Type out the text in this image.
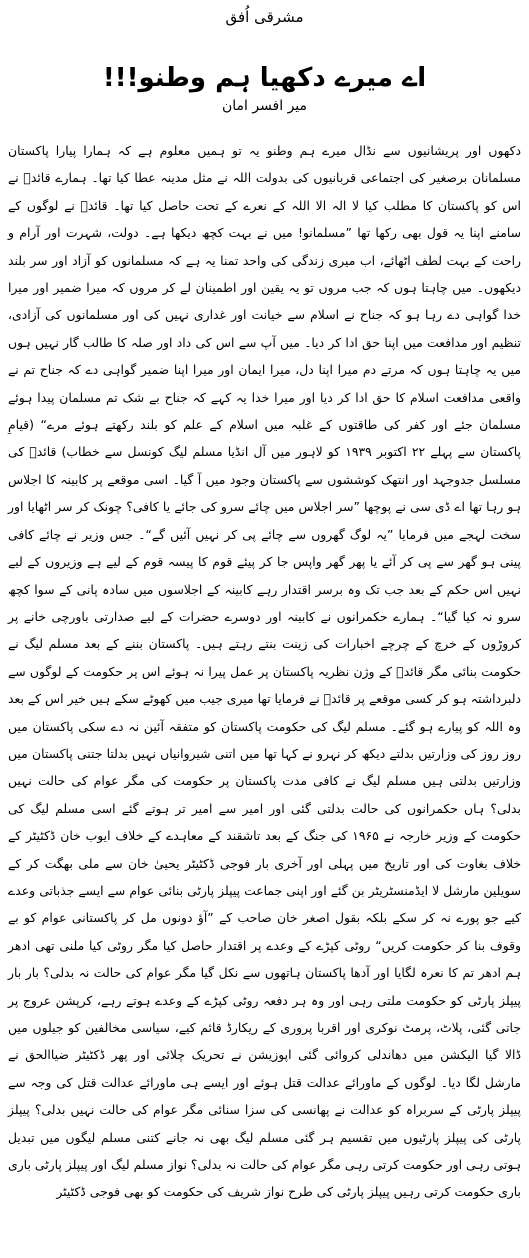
مشرقی اُفق
اے میرے دکھیا ہم وطنو!!!
میر افسر امان

دکھوں اور پریشانیوں سے نڈال میرے ہم وطنو یہ تو ہمیں معلوم ہے کہ ہمارا پیارا پاکستان مسلمانان برصغیر کی اجتماعی قربانیوں کی بدولت اللہ نے مثل مدینہ عطا کیا تھا۔ ہمارے قائدؒ نے اس کو پاکستان کا مطلب کیا لا الہ الا اللہ کے نعرے کے تحت حاصل کیا تھا۔ قائدؒ نے لوگوں کے سامنے اپنا یہ قول بھی رکھا تھا ”مسلمانو! میں نے بہت کچھ دیکھا ہے۔ دولت، شہرت اور آرام و راحت کے بہت لطف اٹھائے، اب میری زندگی کی واحد تمنا یہ ہے کہ مسلمانوں کو آزاد اور سر بلند دیکھوں۔ میں چاہتا ہوں کہ جب مروں تو یہ یقین اور اطمینان لے کر مروں کہ میرا ضمیر اور میرا خدا گواہی دے رہا ہو کہ جناح نے اسلام سے خیانت اور غداری نہیں کی اور مسلمانوں کی آزادی، تنظیم اور مدافعت میں اپنا حق ادا کر دیا۔ میں آپ سے اس کی داد اور صلہ کا طالب گار نہیں ہوں میں یہ چاہتا ہوں کہ مرتے دم میرا اپنا دل، میرا ایمان اور میرا اپنا ضمیر گواہی دے کہ جناح تم نے واقعی مدافعت اسلام کا حق ادا کر دیا اور میرا خدا یہ کہے کہ جناح بے شک تم مسلمان پیدا ہوئے مسلمان جئے اور کفر کی طاقتوں کے غلبہ میں اسلام کے علم کو بلند رکھتے ہوئے مرے“ (قیامِ پاکستان سے پہلے ۲۲ اکتوبر ۱۹۳۹ کو لاہور میں آل انڈیا مسلم لیگ کونسل سے خطاب) قائدؒ کی مسلسل جدوجہد اور انتھک کوششوں سے پاکستان وجود میں آ گیا۔ اسی موقعے پر کابینہ کا اجلاس ہو رہا تھا اے ڈی سی نے پوچھا ”سر اجلاس میں چائے سرو کی جائے یا کافی؟ چونک کر سر اٹھایا اور سخت لہجے میں فرمایا ”یہ لوگ گھروں سے چائے پی کر نہیں آئیں گے“۔ جس وزیر نے چائے کافی پینی ہو گھر سے پی کر آئے یا پھر گھر واپس جا کر پیئے قوم کا پیسہ قوم کے لیے ہے وزیروں کے لیے نہیں اس حکم کے بعد جب تک وہ برسر اقتدار رہے کابینہ کے اجلاسوں میں سادہ پانی کے سوا کچھ سرو نہ کیا گیا“۔ ہمارے حکمرانوں نے کابینہ اور دوسرے حضرات کے لیے صدارتی باورچی خانے پر کروڑوں کے خرچ کے چرچے اخبارات کی زینت بنتے رہتے ہیں۔ پاکستان بننے کے بعد مسلم لیگ نے حکومت بنائی مگر قائدؒ کے وژن نظریہ پاکستان پر عمل پیرا نہ ہوئے اس پر حکومت کے لوگوں سے دلبرداشتہ ہو کر کسی موقعے پر قائدؒ نے فرمایا تھا میری جیب میں کھوٹے سکے ہیں خیر اس کے بعد وہ اللہ کو پیارے ہو گئے۔ مسلم لیگ کی حکومت پاکستان کو متفقہ آئین نہ دے سکی پاکستان میں روز روز کی وزارتیں بدلتے دیکھ کر نہرو نے کہا تھا میں اتنی شیروانیاں نہیں بدلتا جتنی پاکستان میں وزارتیں بدلتی ہیں مسلم لیگ نے کافی مدت پاکستان پر حکومت کی مگر عوام کی حالت نہیں بدلی؟ ہاں حکمرانوں کی حالت بدلتی گئی اور امیر سے امیر تر ہوتے گئے اسی مسلم لیگ کی حکومت کے وزیر خارجہ نے ۱۹۶۵ کی جنگ کے بعد تاشقند کے معاہدے کے خلاف ایوب خان ڈکٹیٹر کے خلاف بغاوت کی اور تاریخ میں پہلی اور آخری بار فوجی ڈکٹیٹر یحییٰ خان سے ملی بھگت کر کے سویلین مارشل لا ایڈمنسٹریٹر بن گئے اور اپنی جماعت پیپلز پارٹی بنائی عوام سے ایسے جذباتی وعدے کیے جو پورے نہ کر سکے بلکہ بقول اصغر خان صاحب کے ”آؤ دونوں مل کر پاکستانی عوام کو بے وقوف بنا کر حکومت کریں“ روٹی کپڑے کے وعدے پر اقتدار حاصل کیا مگر روٹی کیا ملنی تھی ادھر ہم ادھر تم کا نعرہ لگایا اور آدھا پاکستان ہاتھوں سے نکل گیا مگر عوام کی حالت نہ بدلی؟ بار بار پیپلز پارٹی کو حکومت ملتی رہی اور وہ ہر دفعہ روٹی کپڑے کے وعدے ہوتے رہے، کرپشن عروج پر جاتی گئی، پلاٹ، پرمٹ نوکری اور اقربا پروری کے ریکارڈ قائم کیے، سیاسی مخالفین کو جیلوں میں ڈالا گیا الیکشن میں دھاندلی کروائی گئی اپوزیشن نے تحریک چلائی اور پھر ڈکٹیٹر ضیاالحق نے مارشل لگا دیا۔ لوگوں کے ماورائے عدالت قتل ہوئے اور ایسے ہی ماورائے عدالت قتل کی وجہ سے پیپلز پارٹی کے سربراہ کو عدالت نے پھانسی کی سزا سنائی مگر عوام کی حالت نہیں بدلی؟ پیپلز پارٹی کی پیپلز پارٹیوں میں تقسیم ہر گئی مسلم لیگ بھی نہ جانے کتنی مسلم لیگوں میں تبدیل ہوتی رہی اور حکومت کرتی رہی مگر عوام کی حالت نہ بدلی؟ نواز مسلم لیگ اور پیپلز پارٹی باری باری حکومت کرتی رہیں پیپلز پارٹی کی طرح نواز شریف کی حکومت کو بھی فوجی ڈکٹیٹر
